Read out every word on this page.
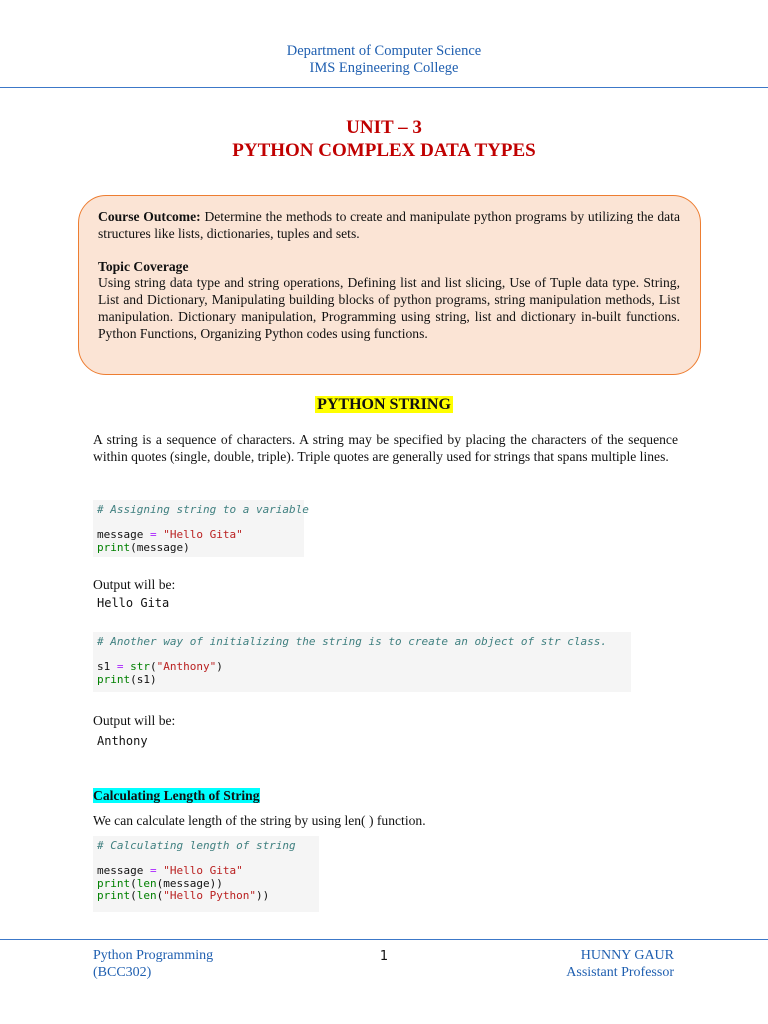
Department of Computer Science
IMS Engineering College
UNIT – 3
PYTHON COMPLEX DATA TYPES

Course Outcome: Determine the methods to create and manipulate python programs by utilizing the data structures like lists, dictionaries, tuples and sets.

Topic Coverage

Using string data type and string operations, Defining list and list slicing, Use of Tuple data type. String, List and Dictionary, Manipulating building blocks of python programs, string manipulation methods, List manipulation. Dictionary manipulation, Programming using string, list and dictionary in-built functions. Python Functions, Organizing Python codes using functions.

PYTHON STRING
A string is a sequence of characters. A string may be specified by placing the characters of the sequence within quotes (single, double, triple). Triple quotes are generally used for strings that spans multiple lines.
# Assigning string to a variable

message = "Hello Gita"
print(message)
Output will be:
Hello Gita
# Another way of initializing the string is to create an object of str class.

s1 = str("Anthony")
print(s1)
Output will be:
Anthony
Calculating Length of String
We can calculate length of the string by using len( ) function.
# Calculating length of string

message = "Hello Gita"
print(len(message))
print(len("Hello Python"))
Python Programming
(BCC302)
1	HUNNY GAUR
Assistant Professor
